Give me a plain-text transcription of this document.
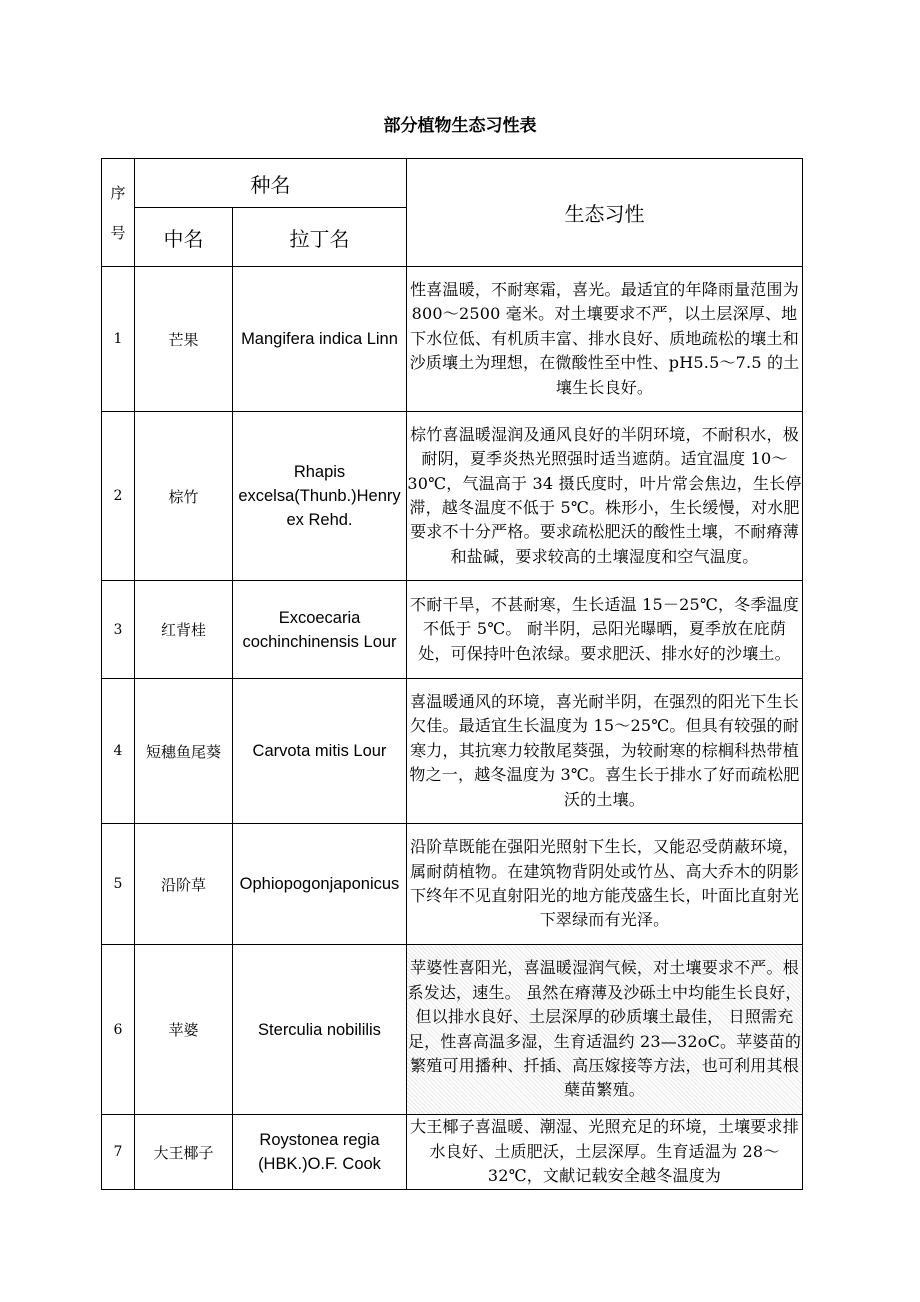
部分植物生态习性表
序
号	种名		生态习性
	中名	拉丁名	
1	芒果	Mangifera indica Linn	性喜温暖，不耐寒霜，喜光。最适宜的年降雨量范围为 800～2500 毫米。对土壤要求不严，以土层深厚、地下水位低、有机质丰富、排水良好、质地疏松的壤土和沙质壤土为理想，在微酸性至中性、pH5.5～7.5 的土壤生长良好。
2	棕竹	Rhapis excelsa(Thunb.)Henry ex Rehd.	棕竹喜温暖湿润及通风良好的半阴环境，不耐积水，极耐阴，夏季炎热光照强时适当遮荫。适宜温度 10～30℃，气温高于 34 摄氏度时，叶片常会焦边，生长停滞，越冬温度不低于 5℃。株形小，生长缓慢，对水肥要求不十分严格。要求疏松肥沃的酸性土壤，不耐瘠薄和盐碱，要求较高的土壤湿度和空气温度。
3	红背桂	Excoecaria cochinchinensis Lour	不耐干旱，不甚耐寒，生长适温 15－25℃，冬季温度不低于 5℃。 耐半阴，忌阳光曝晒，夏季放在庇荫处，可保持叶色浓绿。要求肥沃、排水好的沙壤土。
4	短穗鱼尾葵	Carvota mitis Lour	喜温暖通风的环境，喜光耐半阴，在强烈的阳光下生长欠佳。最适宜生长温度为 15～25℃。但具有较强的耐寒力，其抗寒力较散尾葵强，为较耐寒的棕榈科热带植物之一，越冬温度为 3℃。喜生长于排水了好而疏松肥沃的土壤。
5	沿阶草	Ophiopogonjaponicus	沿阶草既能在强阳光照射下生长，又能忍受荫蔽环境，属耐荫植物。在建筑物背阴处或竹丛、高大乔木的阴影下终年不见直射阳光的地方能茂盛生长，叶面比直射光下翠绿而有光泽。
6	苹婆	Sterculia nobililis	苹婆性喜阳光，喜温暖湿润气候，对土壤要求不严。根系发达，速生。 虽然在瘠薄及沙砾土中均能生长良好，但以排水良好、土层深厚的砂质壤土最佳， 日照需充足，性喜高温多湿，生育适温约 23—32oC。苹婆苗的繁殖可用播种、扦插、高压嫁接等方法，也可利用其根蘖苗繁殖。
7	大王椰子	Roystonea regia (HBK.)O.F. Cook	大王椰子喜温暖、潮湿、光照充足的环境，土壤要求排水良好、土质肥沃，土层深厚。生育适温为 28～32℃，文献记载安全越冬温度为
